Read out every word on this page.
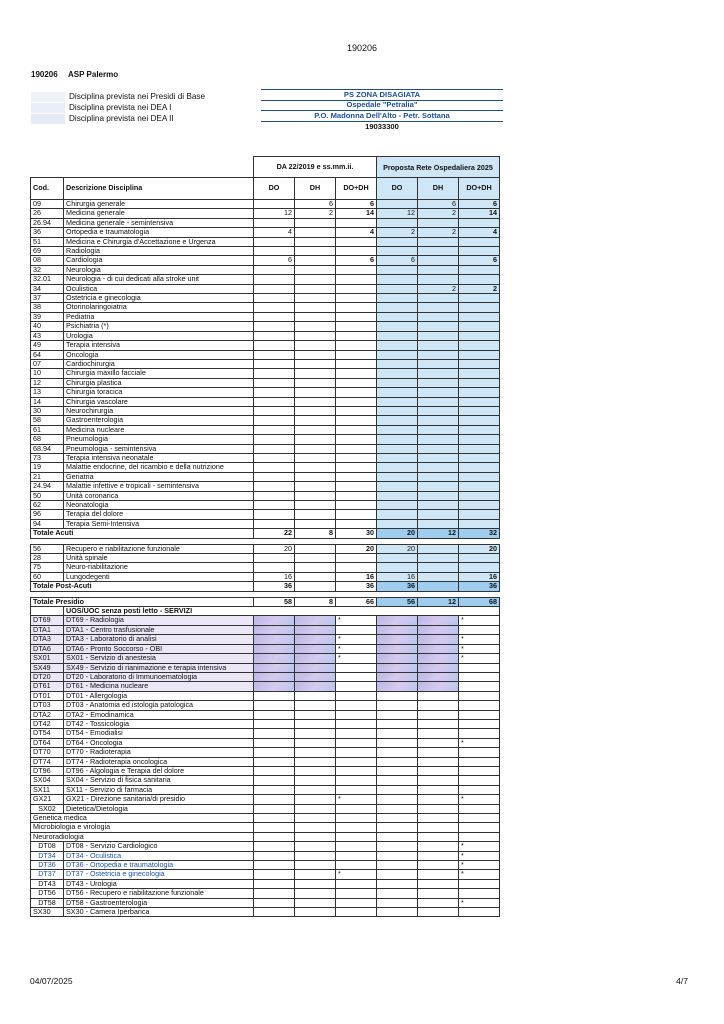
190206
190206 ASP Palermo
Disciplina prevista nei Presidi di Base
Disciplina prevista nei DEA I
Disciplina prevista nei DEA II
PS ZONA DISAGIATA
Ospedale "Petralia"
P.O. Madonna Dell'Alto - Petr. Sottana
19033300
		DA 22/2019 e ss.mm.ii.			Proposta Rete Ospedaliera 2025		
Cod.	Descrizione Disciplina	DO	DH	DO+DH	DO	DH	DO+DH
09	Chirurgia generale		6	6		6	6
26	Medicina generale	12	2	14	12	2	14
26.94	Medicina generale - semintensiva						
36	Ortopedia e traumatologia	4		4	2	2	4
51	Medicina e Chirurgia d'Accettazione e Urgenza						
69	Radiologia						
08	Cardiologia	6		6	6		6
32	Neurologia						
32.01	Neurologia - di cui dedicati alla stroke unit						
34	Oculistica					2	2
37	Ostetricia e ginecologia						
38	Otorinolaringoiatria						
39	Pediatria						
40	Psichiatria (*)						
43	Urologia						
49	Terapia intensiva						
64	Oncologia						
07	Cardiochirurgia						
10	Chirurgia maxillo facciale						
12	Chirurgia plastica						
13	Chirurgia toracica						
14	Chirurgia vascolare						
30	Neurochirurgia						
58	Gastroenterologia						
61	Medicina nucleare						
68	Pneumologia						
68.94	Pneumologia - semintensiva						
73	Terapia intensiva neonatale						
19	Malattie endocrine, del ricambio e della nutrizione						
21	Geriatria						
24.94	Malattie infettive e tropicali - semintensiva						
50	Unità coronarica						
62	Neonatologia						
96	Terapia del dolore						
94	Terapia Semi-Intensiva						
Totale Acuti		22	8	30	20	12	32

56	Recupero e riabilitazione funzionale	20		20	20		20
28	Unità spinale						
75	Neuro-riabilitazione						
60	Lungodegenti	16		16	16		16
Totale Post-Acuti		36		36	36		36

Totale Presidio		58	8	66	56	12	68
	UOS/UOC senza posti letto - SERVIZI						
DT69	DT69 - Radiologia			*			*
DTA1	DTA1 - Centro trasfusionale						
DTA3	DTA3 - Laboratorio di analisi			*			*
DTA6	DTA6 - Pronto Soccorso - OBI			*			*
SX01	SX01 - Servizio di anestesia			*			*
SX49	SX49 - Servizio di rianimazione e terapia intensiva						
DT20	DT20 - Laboratorio di Immunoematologia						
DT61	DT61 - Medicina nucleare						
DT01	DT01 - Allergologia						
DT03	DT03 - Anatomia ed istologia patologica						
DTA2	DTA2 - Emodinamica						
DT42	DT42 - Tossicologia						
DT54	DT54 - Emodialisi						
DT64	DT64 - Oncologia						*
DT70	DT70 - Radioterapia						
DT74	DT74 - Radioterapia oncologica						
DT96	DT96 - Algologia e Terapia del dolore						
SX04	SX04 - Servizio di fisica sanitaria						
SX11	SX11 - Servizio di farmacia						
GX21	GX21 - Direzione sanitaria/di presidio			*			*
SX02	Dietetica/Dietologia						
Genetica medica							
Microbiologia e virologia							
Neuroradiologia							
DT08	DT08 - Servizio Cardiologico						*
DT34	DT34 - Oculistica						*
DT36	DT36 - Ortopedia e traumatologia						*
DT37	DT37 - Ostetricia e ginecologia			*			*
DT43	DT43 - Urologia						
DT56	DT56 - Recupero e riabilitazione funzionale						
DT58	DT58 - Gastroenterologia						*
SX30	SX30 - Camera Iperbarica						
04/07/2025	4/7
